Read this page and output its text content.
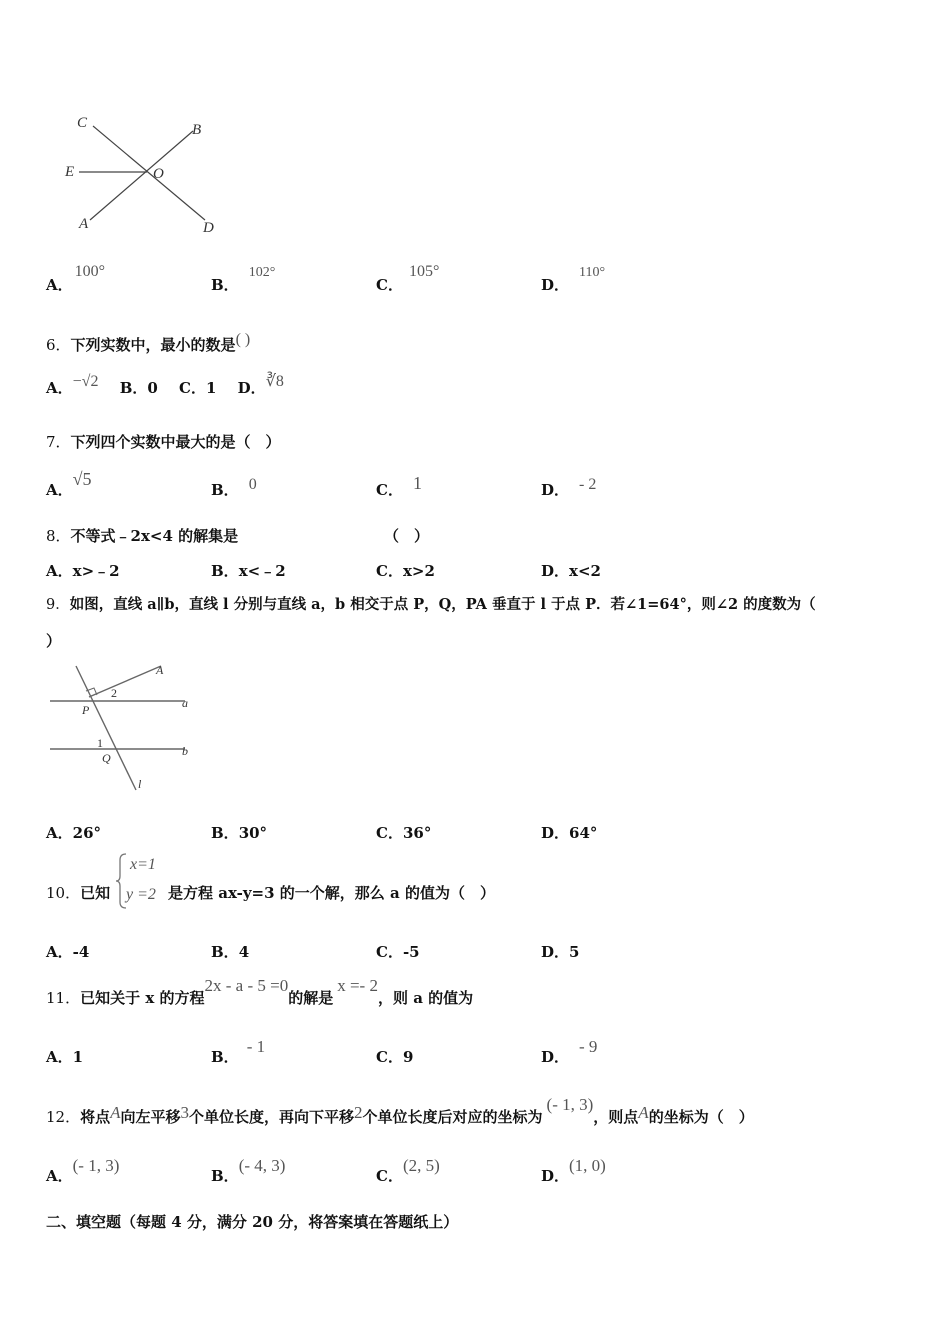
C	B
E	O
A	D
A．100°
B．102°
C．105°
D．110°
6．下列实数中，最小的数是( )
A．−√2 B．0 C．1 D．∛8
7．下列四个实数中最大的是（　）
A．√5
B． 0	C． 1	D． - 2
8．不等式﹣2x<4 的解集是	（　）
A．x>﹣2	B．x<﹣2	C．x>2	D．x<2
9．如图，直线 a∥b，直线 l 分别与直线 a，b 相交于点 P，Q，PA 垂直于 l 于点 P．若∠1=64°，则∠2 的度数为（
）
A
2
P	a
1
b
Q
l
A．26°	B．30°	C．36°	D．64°
10．已知
x=1
y =2 是方程 ax-y=3 的一个解，那么 a 的值为（　）
A．-4	B．4	C．-5	D．5
11．已知关于 x 的方程2x - a - 5 =0的解是x =- 2，则 a 的值为
A．1	B．- 1
C．9	D．- 9
12．将点A向左平移3个单位长度，再向下平移2个单位长度后对应的坐标为(- 1, 3)，则点A的坐标为（　）
A．(- 1, 3)
B．(- 4, 3)
C．(2, 5)
D．(1, 0)
二、填空题（每题 4 分，满分 20 分，将答案填在答题纸上）
